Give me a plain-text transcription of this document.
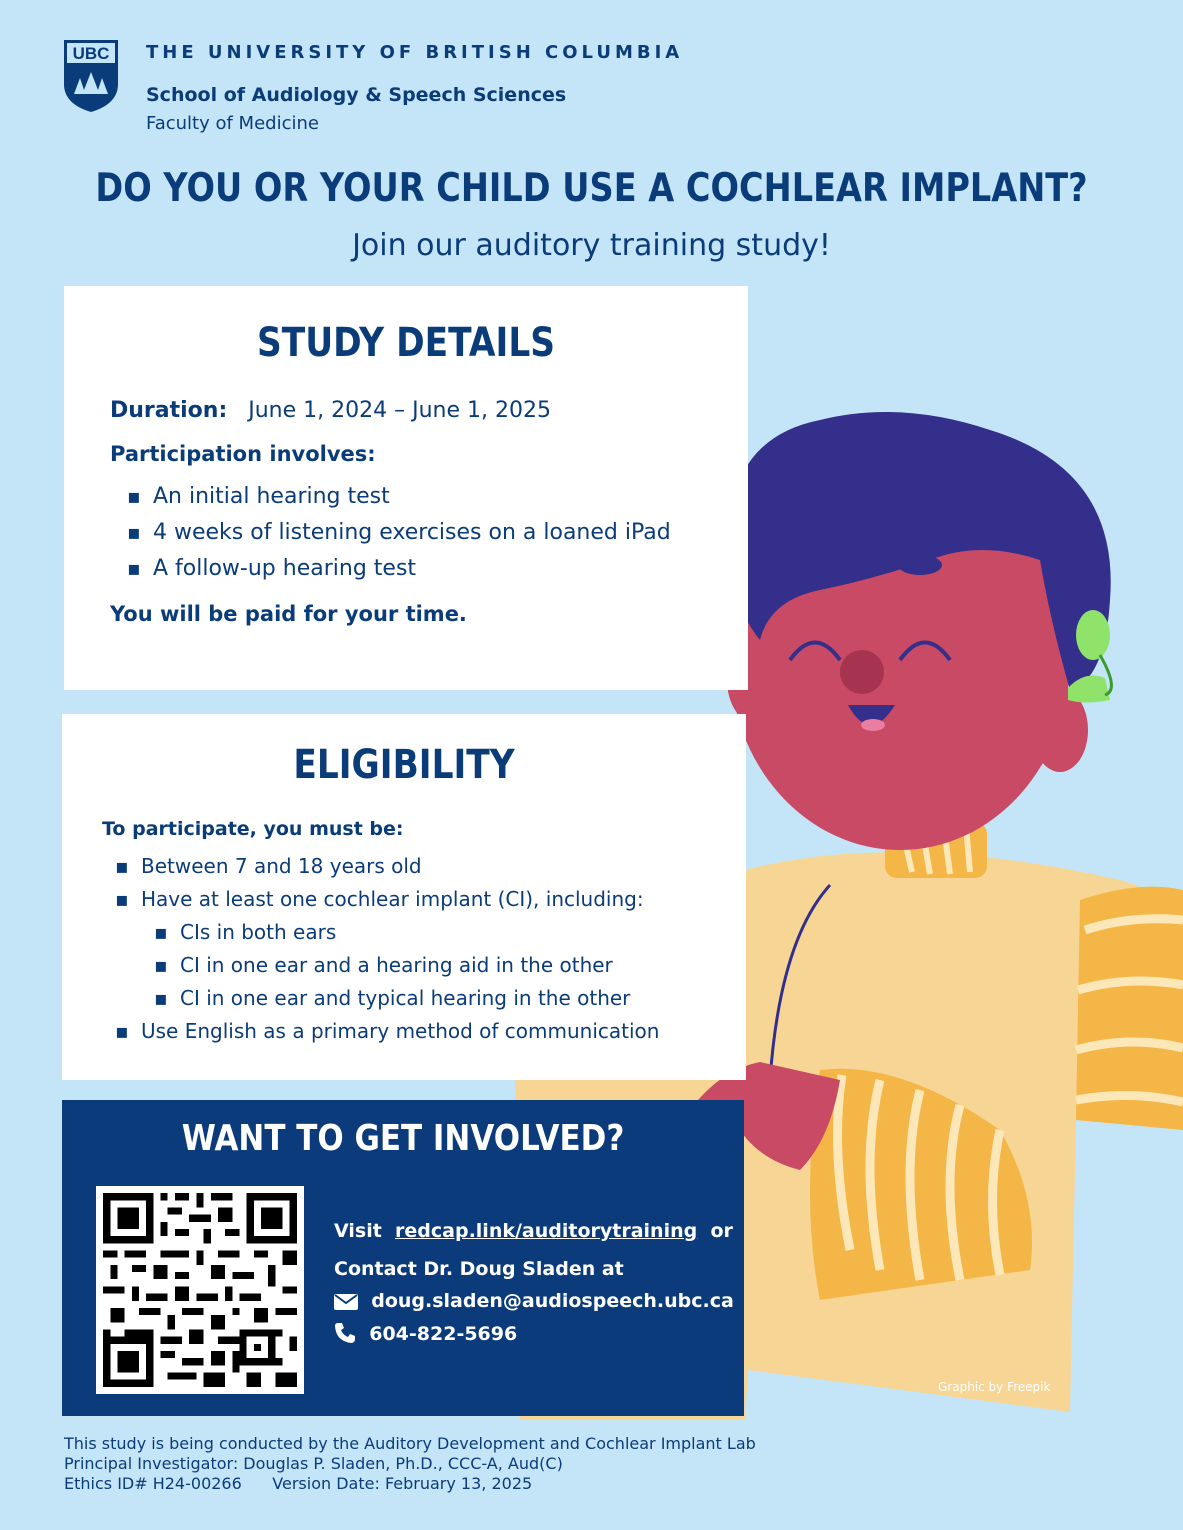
UBC THE UNIVERSITY OF BRITISH COLUMBIA
School of Audiology & Speech Sciences
Faculty of Medicine
DO YOU OR YOUR CHILD USE A COCHLEAR IMPLANT?
Join our auditory training study!
STUDY DETAILS
Duration: June 1, 2024 – June 1, 2025
Participation involves:
▪ An initial hearing test
▪ 4 weeks of listening exercises on a loaned iPad
▪ A follow-up hearing test
You will be paid for your time.
ELIGIBILITY
To participate, you must be:
▪ Between 7 and 18 years old
▪ Have at least one cochlear implant (CI), including:
▪ CIs in both ears
▪ CI in one ear and a hearing aid in the other
▪ CI in one ear and typical hearing in the other
▪ Use English as a primary method of communication
WANT TO GET INVOLVED?
Visit redcap.link/auditorytraining or
Contact Dr. Doug Sladen at
doug.sladen@audiospeech.ubc.ca
604-822-5696
Graphic by Freepik
This study is being conducted by the Auditory Development and Cochlear Implant Lab
Principal Investigator: Douglas P. Sladen, Ph.D., CCC-A, Aud(C)
Ethics ID# H24-00266 Version Date: February 13, 2025
